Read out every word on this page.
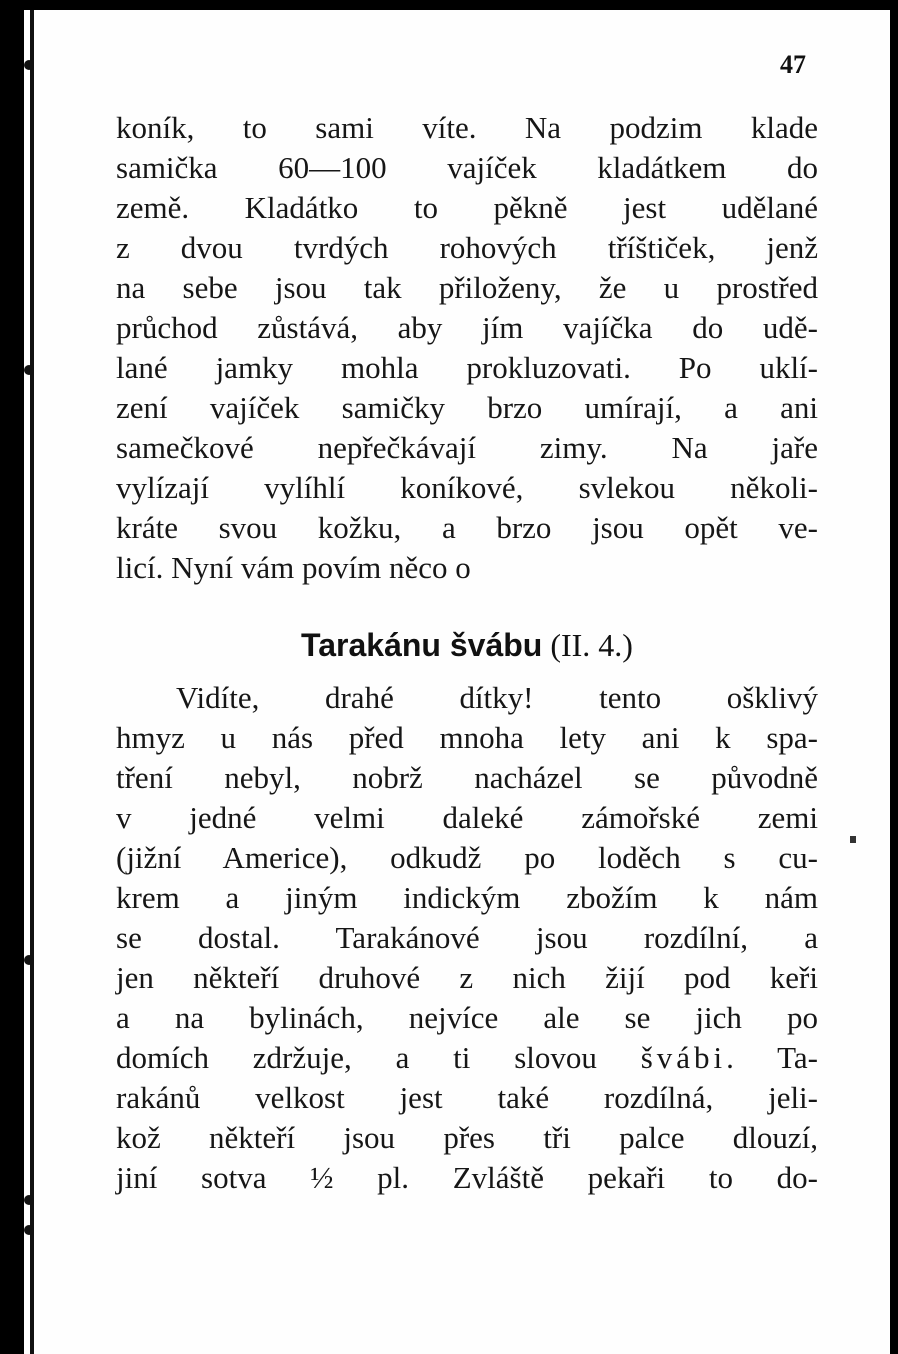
47
koník, to sami víte. Na podzim klade
samička 60—100 vajíček kladátkem do
země. Kladátko to pěkně jest udělané
z dvou tvrdých rohových tříštiček, jenž
na sebe jsou tak přiloženy, že u prostřed
průchod zůstává, aby jím vajíčka do udě-
lané jamky mohla prokluzovati. Po uklí-
zení vajíček samičky brzo umírají, a ani
samečkové nepřečkávají zimy. Na jaře
vylízají vylíhlí koníkové, svlekou několi-
kráte svou kožku, a brzo jsou opět ve-
licí. Nyní vám povím něco o
Tarakánu švábu (II. 4.)
Vidíte, drahé dítky! tento ošklivý
hmyz u nás před mnoha lety ani k spa-
tření nebyl, nobrž nacházel se původně
v jedné velmi daleké zámořské zemi
(jižní Americe), odkudž po loděch s cu-
krem a jiným indickým zbožím k nám
se dostal. Tarakánové jsou rozdílní, a
jen někteří druhové z nich žijí pod keři
a na bylinách, nejvíce ale se jich po
domích zdržuje, a ti slovou švábi. Ta-
rakánů velkost jest také rozdílná, jeli-
kož někteří jsou přes tři palce dlouzí,
jiní sotva ½ pl. Zvláště pekaři to do-
